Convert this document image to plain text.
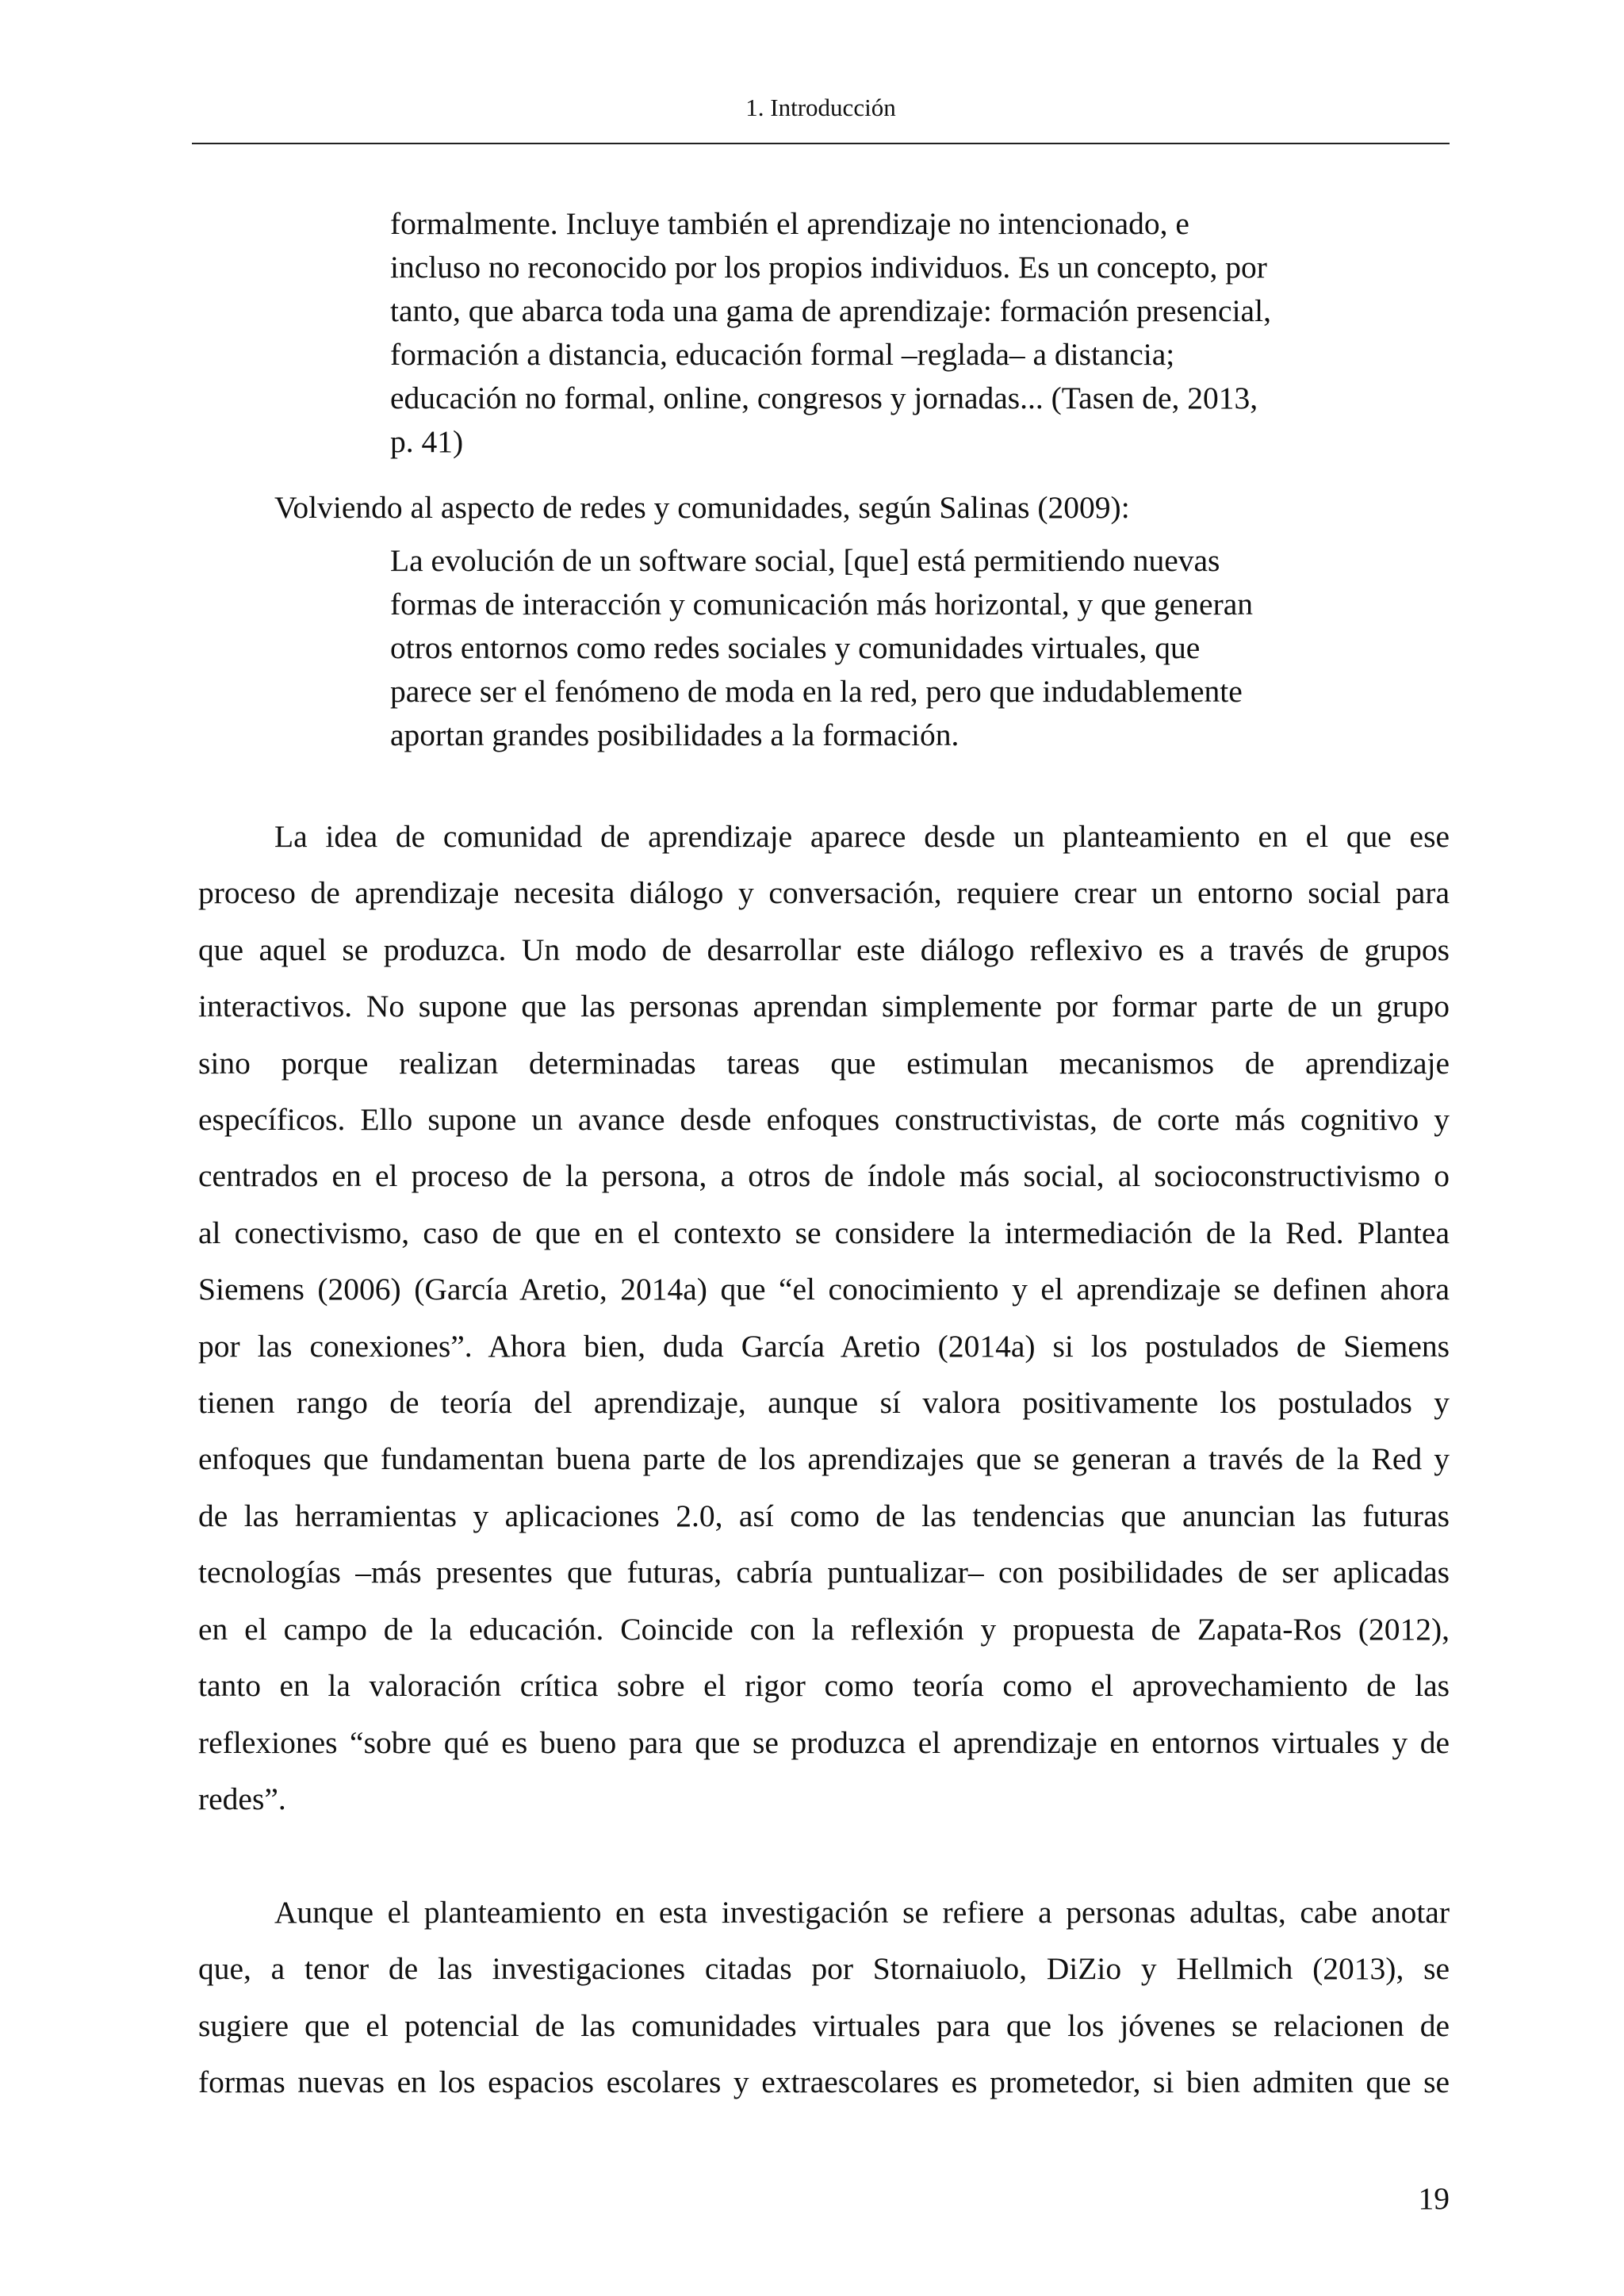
1. Introducción
formalmente. Incluye también el aprendizaje no intencionado, e
incluso no reconocido por los propios individuos. Es un concepto, por
tanto, que abarca toda una gama de aprendizaje: formación presencial,
formación a distancia, educación formal –reglada– a distancia;
educación no formal, online, congresos y jornadas... (Tasen de, 2013,
p. 41)

Volviendo al aspecto de redes y comunidades, según Salinas (2009):

La evolución de un software social, [que] está permitiendo nuevas
formas de interacción y comunicación más horizontal, y que generan
otros entornos como redes sociales y comunidades virtuales, que
parece ser el fenómeno de moda en la red, pero que indudablemente
aportan grandes posibilidades a la formación.
La idea de comunidad de aprendizaje aparece desde un planteamiento en el que ese
proceso de aprendizaje necesita diálogo y conversación, requiere crear un entorno social para
que aquel se produzca. Un modo de desarrollar este diálogo reflexivo es a través de grupos
interactivos. No supone que las personas aprendan simplemente por formar parte de un grupo
sino porque realizan determinadas tareas que estimulan mecanismos de aprendizaje
específicos. Ello supone un avance desde enfoques constructivistas, de corte más cognitivo y
centrados en el proceso de la persona, a otros de índole más social, al socioconstructivismo o
al conectivismo, caso de que en el contexto se considere la intermediación de la Red. Plantea
Siemens (2006) (García Aretio, 2014a) que “el conocimiento y el aprendizaje se definen ahora
por las conexiones”. Ahora bien, duda García Aretio (2014a) si los postulados de Siemens
tienen rango de teoría del aprendizaje, aunque sí valora positivamente los postulados y
enfoques que fundamentan buena parte de los aprendizajes que se generan a través de la Red y
de las herramientas y aplicaciones 2.0, así como de las tendencias que anuncian las futuras
tecnologías –más presentes que futuras, cabría puntualizar– con posibilidades de ser aplicadas
en el campo de la educación. Coincide con la reflexión y propuesta de Zapata-Ros (2012),
tanto en la valoración crítica sobre el rigor como teoría como el aprovechamiento de las
reflexiones “sobre qué es bueno para que se produzca el aprendizaje en entornos virtuales y de
redes”.
Aunque el planteamiento en esta investigación se refiere a personas adultas, cabe anotar
que, a tenor de las investigaciones citadas por Stornaiuolo, DiZio y Hellmich (2013), se
sugiere que el potencial de las comunidades virtuales para que los jóvenes se relacionen de
formas nuevas en los espacios escolares y extraescolares es prometedor, si bien admiten que se
19
